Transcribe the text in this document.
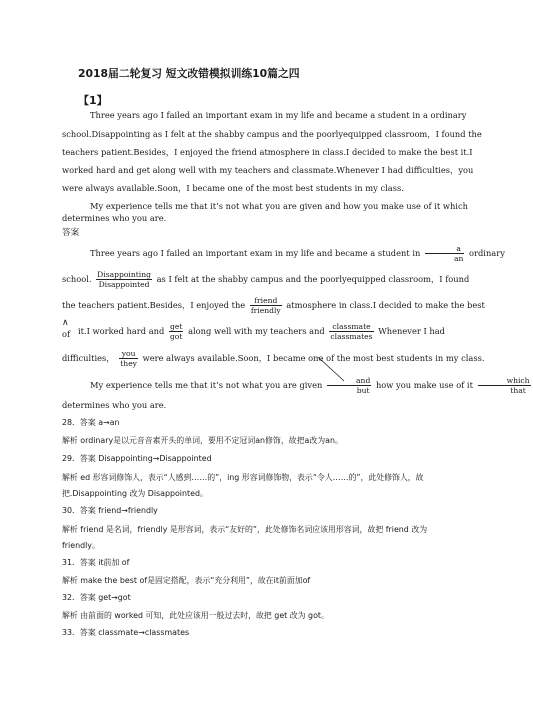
2018届二轮复习 短文改错模拟训练10篇之四
【1】
Three years ago I failed an important exam in my life and became a student in a ordinary
school.Disappointing as I felt at the shabby campus and the poorlyequipped classroom，I found the
teachers patient.Besides，I enjoyed the friend atmosphere in class.I decided to make the best it.I
worked hard and get along well with my teachers and classmate.Whenever I had difficulties，you
were always available.Soon，I became one of the most best students in my class.
My experience tells me that it’s not what you are given and how you make use of it which
determines who you are.
答案
Three years ago I failed an important exam in my life and became a student in $\frac{a}{an}$ ordinary
school. Disappointing
Disappointed
as I felt at the shabby campus and the poorlyequipped classroom，I found
the teachers patient.Besides，I enjoyed the	friend
friendly
atmosphere in class.I decided to make the best
∧
of it.I worked hard and get
got
along well with my teachers and classmate
classmates
Whenever I had
difficulties， you
they
were always available.Soon，I became one of the most best students in my class.
My experience tells me that it’s not what you are given	and
but
how you make use of it	which
that
determines who you are.
28．答案 a→an
解析 ordinary是以元音音素开头的单词，要用不定冠词an修饰，故把a改为an。
29．答案 Disappointing→Disappointed
解析 ed 形容词修饰人，表示“人感到……的”，ing 形容词修饰物，表示“令人……的”，此处修饰人，故把.Disappointing 改为 Disappointed。
30．答案 friend→friendly
解析 friend 是名词，friendly 是形容词，表示“友好的”，此处修饰名词应该用形容词，故把 friend 改为 friendly。
31．答案 it前加 of
解析 make the best of是固定搭配，表示“充分利用”，故在it前面加of
32．答案 get→got
解析 由前面的 worked 可知，此处应该用一般过去时，故把 get 改为 got。
33．答案 classmate→classmates
